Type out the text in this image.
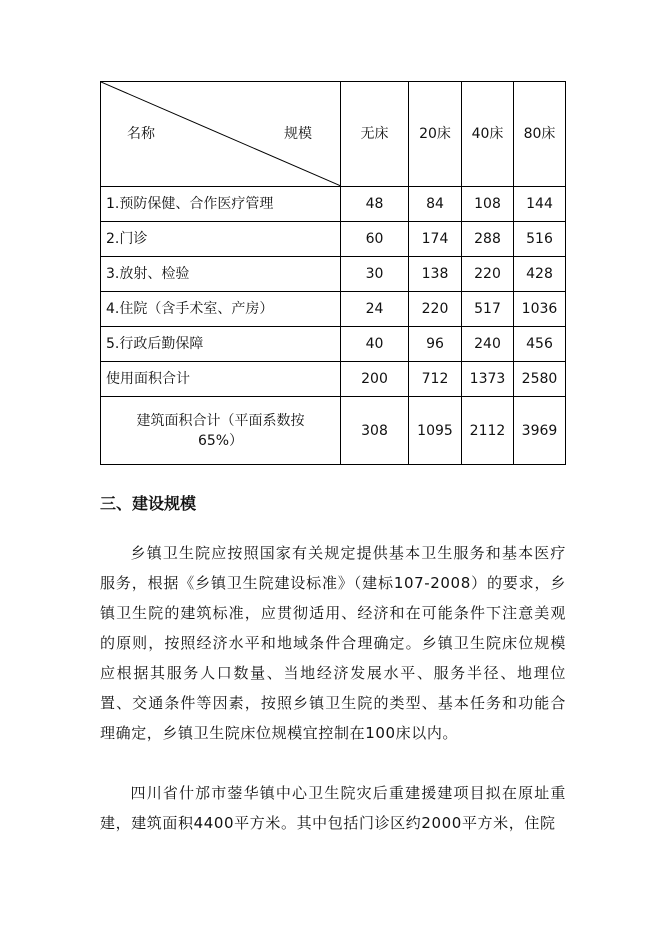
名称 规模	无床	20床	40床	80床
1.预防保健、合作医疗管理	48	84	108	144
2.门诊	60	174	288	516
3.放射、检验	30	138	220	428
4.住院（含手术室、产房）	24	220	517	1036
5.行政后勤保障	40	96	240	456
使用面积合计	200	712	1373	2580
建筑面积合计（平面系数按
65%）	308	1095	2112	3969
三、建设规模

乡镇卫生院应按照国家有关规定提供基本卫生服务和基本医疗服务，根据《乡镇卫生院建设标准》（建标107-2008）的要求，乡镇卫生院的建筑标准，应贯彻适用、经济和在可能条件下注意美观的原则，按照经济水平和地域条件合理确定。乡镇卫生院床位规模应根据其服务人口数量、当地经济发展水平、服务半径、地理位置、交通条件等因素，按照乡镇卫生院的类型、基本任务和功能合理确定，乡镇卫生院床位规模宜控制在100床以内。

四川省什邡市蓥华镇中心卫生院灾后重建援建项目拟在原址重建，建筑面积4400平方米。其中包括门诊区约2000平方米，住院
